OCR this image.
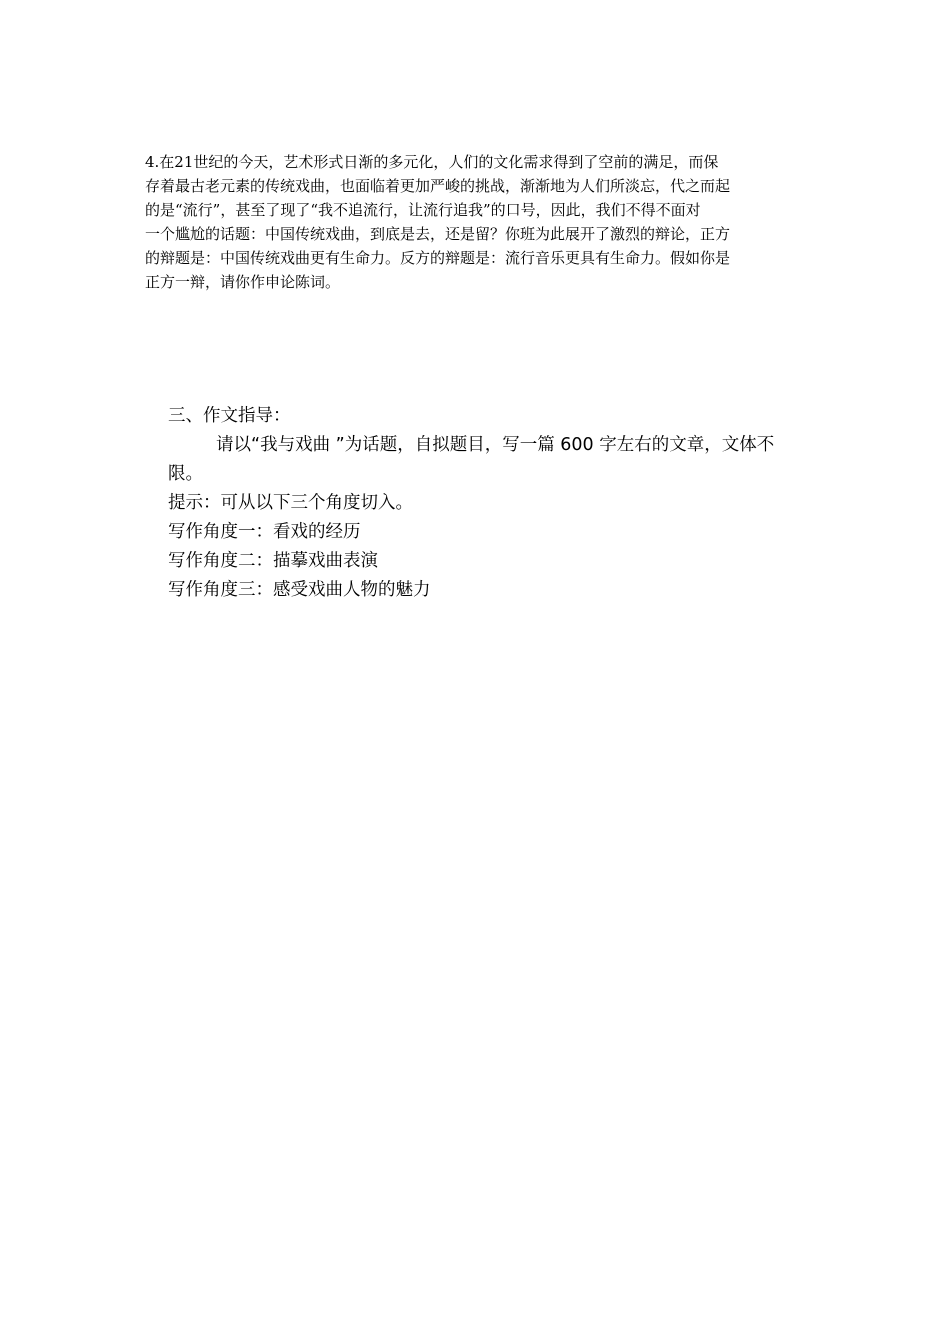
4.在21世纪的今天，艺术形式日渐的多元化，人们的文化需求得到了空前的满足，而保
存着最古老元素的传统戏曲，也面临着更加严峻的挑战，渐渐地为人们所淡忘，代之而起
的是“流行”，甚至了现了“我不追流行，让流行追我”的口号，因此，我们不得不面对
一个尴尬的话题：中国传统戏曲，到底是去，还是留？你班为此展开了激烈的辩论，正方
的辩题是：中国传统戏曲更有生命力。反方的辩题是：流行音乐更具有生命力。假如你是
正方一辩，请你作申论陈词。
三、作文指导：
请以“我与戏曲 ”为话题，自拟题目，写一篇 600 字左右的文章，文体不
限。
提示：可从以下三个角度切入。
写作角度一：看戏的经历
写作角度二：描摹戏曲表演
写作角度三：感受戏曲人物的魅力
